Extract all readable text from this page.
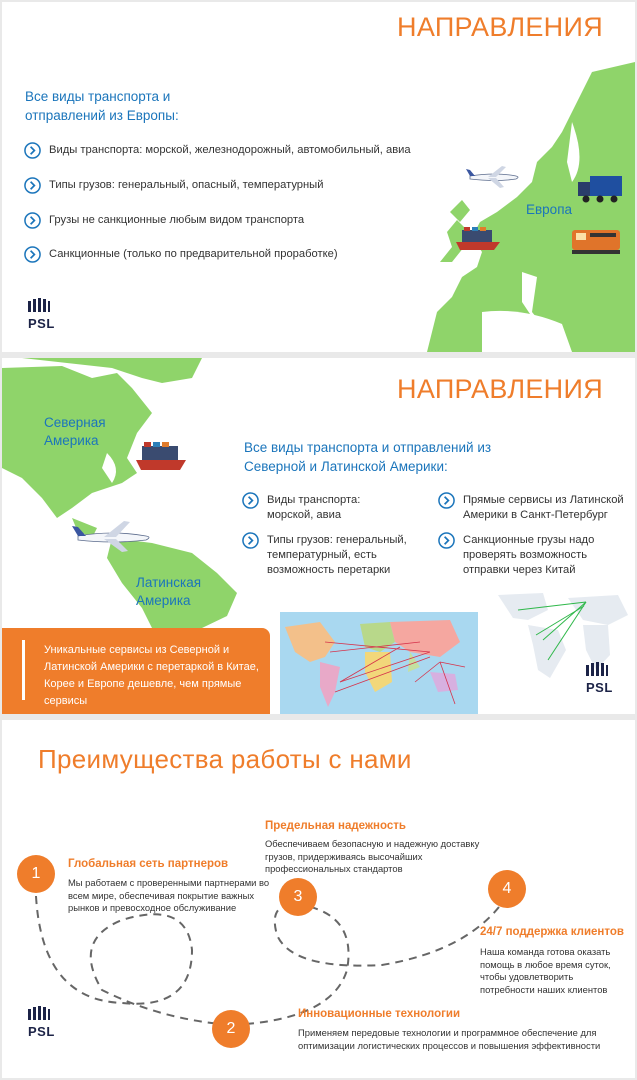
НАПРАВЛЕНИЯ
Все виды транспорта и
отправлений из Европы:
Виды транспорта: морской, железнодорожный, автомобильный, авиа
Типы грузов: генеральный, опасный, температурный
Грузы не санкционные любым видом транспорта
Санкционные (только по предварительной проработке)
Европа
PSL
Северная
Америка
Латинская
Америка
НАПРАВЛЕНИЯ
Все виды транспорта и отправлений из
Северной и Латинской Америки:
Виды транспорта:
морской, авиа
Типы грузов: генеральный,
температурный, есть
возможность перетарки
Прямые сервисы из Латинской
Америки в Санкт-Петербург
Санкционные грузы надо
проверять возможность
отправки через Китай
Уникальные сервисы из Северной и
Латинской Америки с перетаркой в Китае,
Корее и Европе дешевле, чем прямые
сервисы
PSL
Преимущества работы с нами
1
2
3	4
Глобальная сеть партнеров
Мы работаем с проверенными партнерами во
всем мире, обеспечивая покрытие важных
рынков и превосходное обслуживание
Инновационные технологии
Применяем передовые технологии и программное обеспечение для
оптимизации логистических процессов и повышения эффективности
Предельная надежность
Обеспечиваем безопасную и надежную доставку
грузов, придерживаясь высочайших
профессиональных стандартов
24/7 поддержка клиентов
Наша команда готова оказать
помощь в любое время суток,
чтобы удовлетворить
потребности наших клиентов
PSL
